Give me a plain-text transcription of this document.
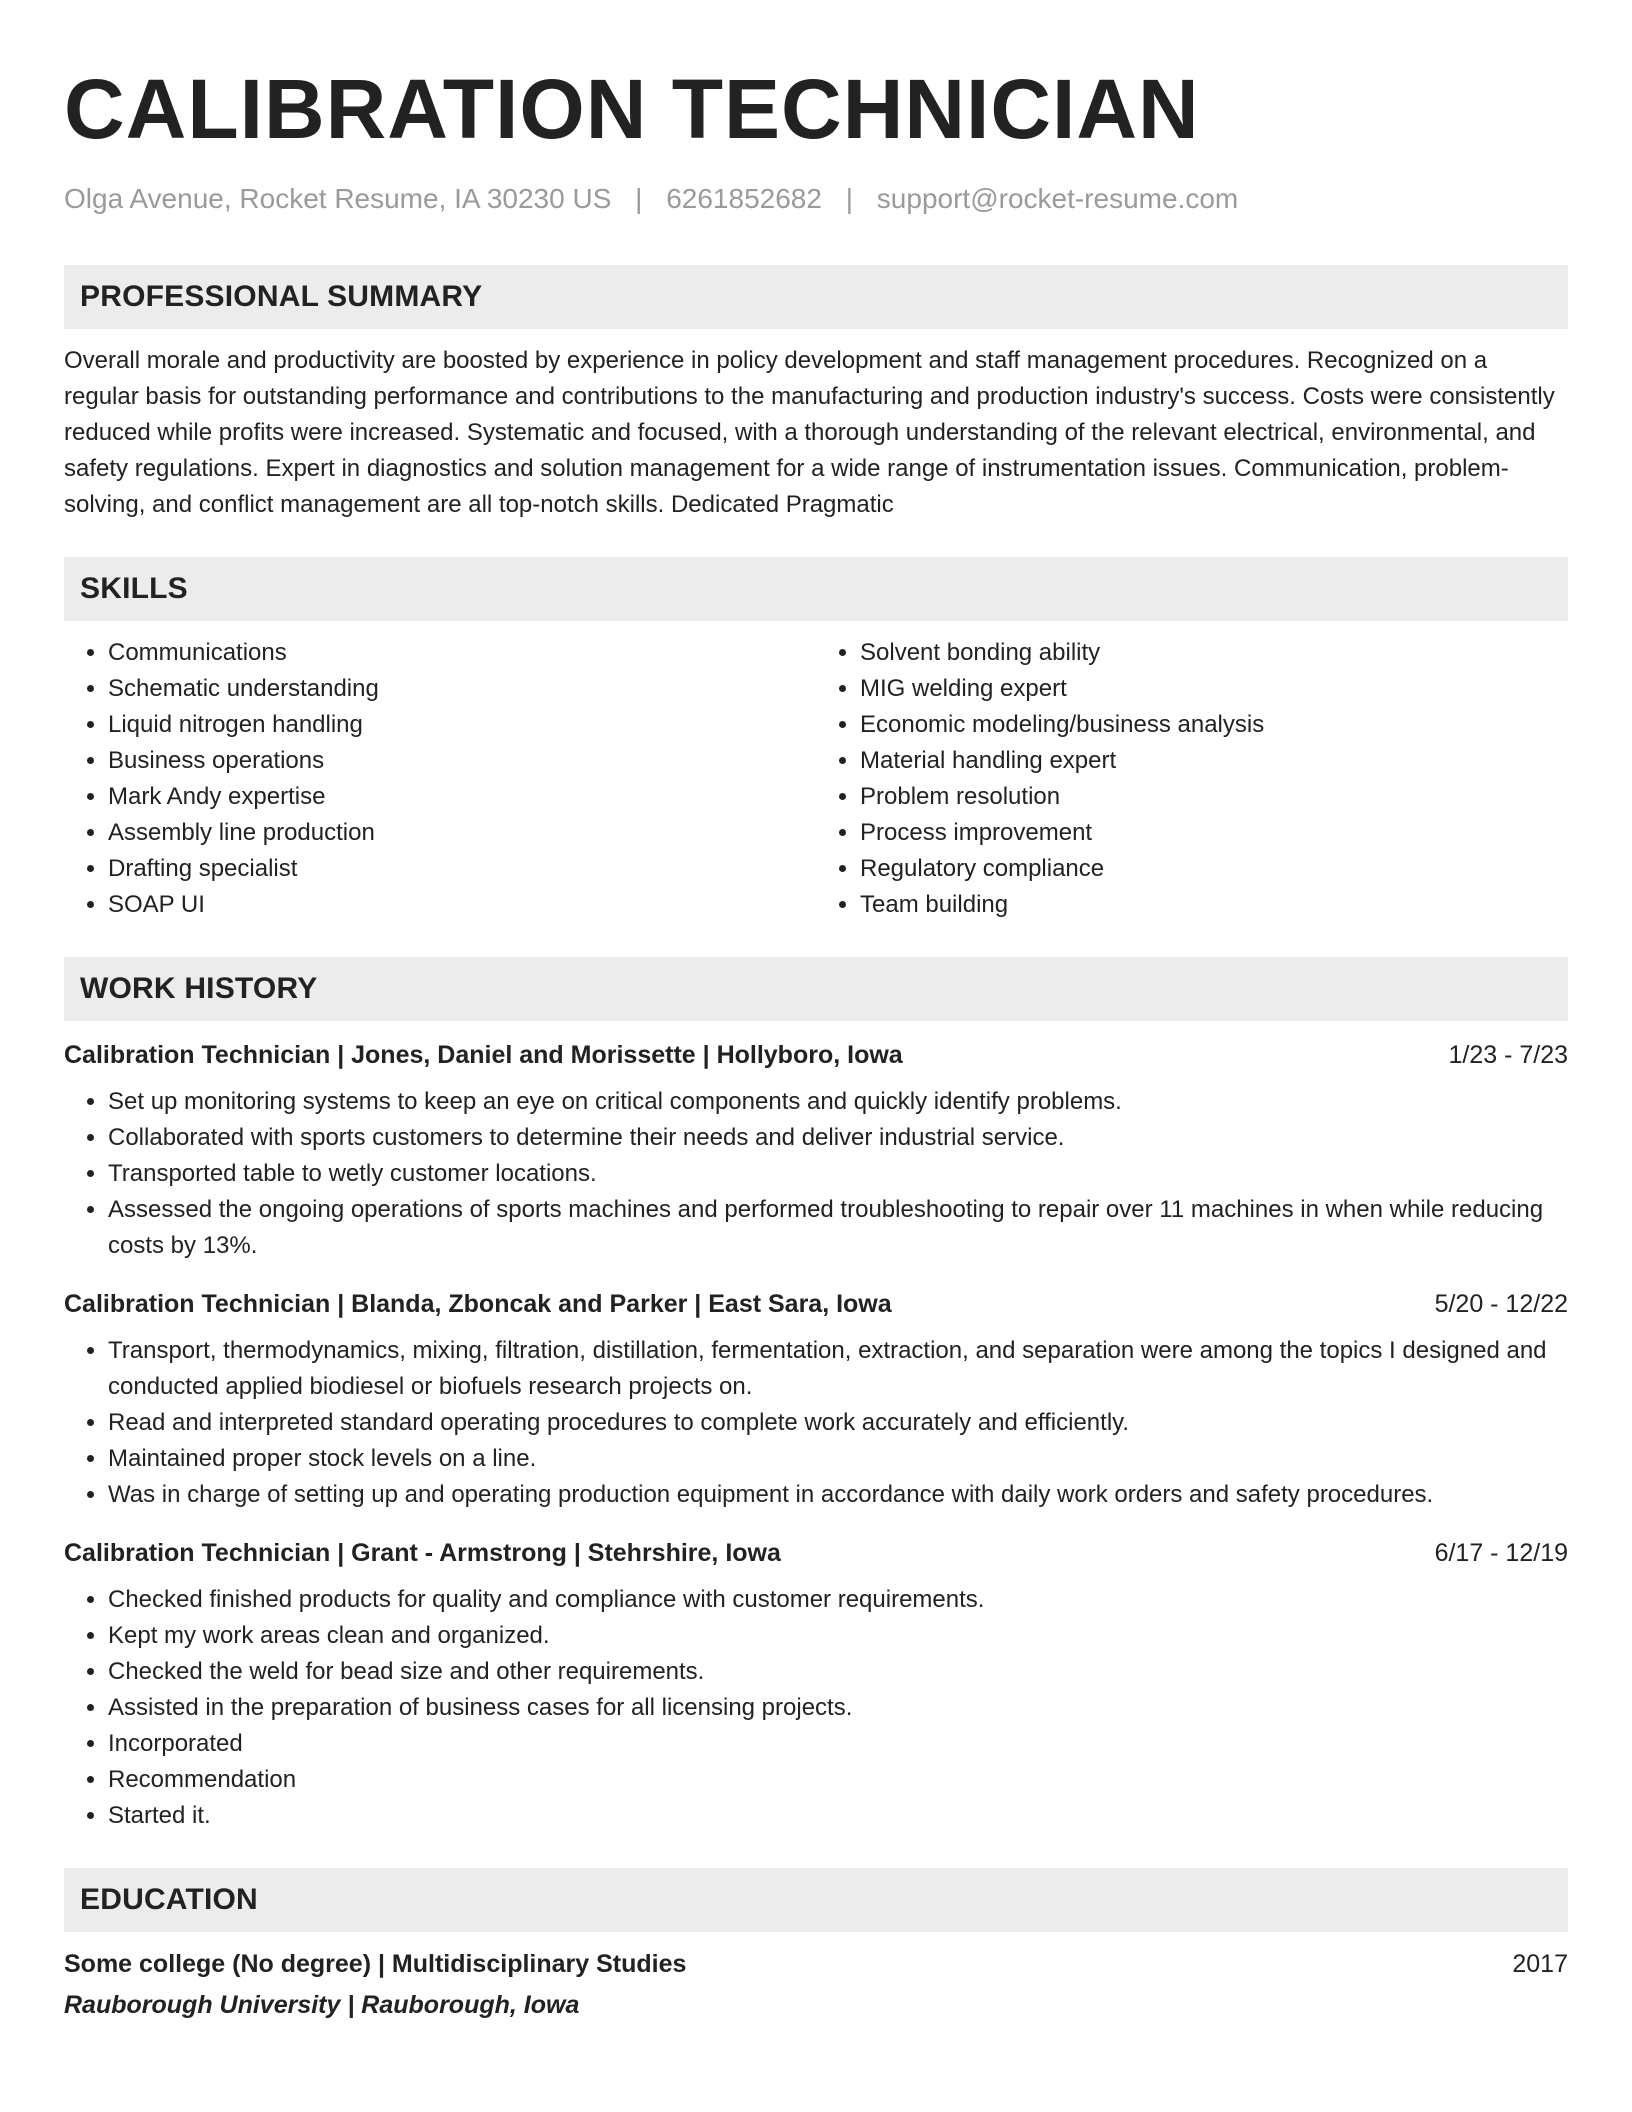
CALIBRATION TECHNICIAN
Olga Avenue, Rocket Resume, IA 30230 US | 6261852682 | support@rocket-resume.com
PROFESSIONAL SUMMARY
Overall morale and productivity are boosted by experience in policy development and staff management procedures. Recognized on a regular basis for outstanding performance and contributions to the manufacturing and production industry's success. Costs were consistently reduced while profits were increased. Systematic and focused, with a thorough understanding of the relevant electrical, environmental, and safety regulations. Expert in diagnostics and solution management for a wide range of instrumentation issues. Communication, problem-solving, and conflict management are all top-notch skills. Dedicated Pragmatic
SKILLS
• Communications
• Schematic understanding
• Liquid nitrogen handling
• Business operations
• Mark Andy expertise
• Assembly line production
• Drafting specialist
• SOAP UI
• Solvent bonding ability
• MIG welding expert
• Economic modeling/business analysis
• Material handling expert
• Problem resolution
• Process improvement
• Regulatory compliance
• Team building
WORK HISTORY
Calibration Technician | Jones, Daniel and Morissette | Hollyboro, Iowa	1/23 - 7/23
• Set up monitoring systems to keep an eye on critical components and quickly identify problems.
• Collaborated with sports customers to determine their needs and deliver industrial service.
• Transported table to wetly customer locations.
• Assessed the ongoing operations of sports machines and performed troubleshooting to repair over 11 machines in when while reducing costs by 13%.
Calibration Technician | Blanda, Zboncak and Parker | East Sara, Iowa	5/20 - 12/22
• Transport, thermodynamics, mixing, filtration, distillation, fermentation, extraction, and separation were among the topics I designed and conducted applied biodiesel or biofuels research projects on.
• Read and interpreted standard operating procedures to complete work accurately and efficiently.
• Maintained proper stock levels on a line.
• Was in charge of setting up and operating production equipment in accordance with daily work orders and safety procedures.
Calibration Technician | Grant - Armstrong | Stehrshire, Iowa	6/17 - 12/19
• Checked finished products for quality and compliance with customer requirements.
• Kept my work areas clean and organized.
• Checked the weld for bead size and other requirements.
• Assisted in the preparation of business cases for all licensing projects.
• Incorporated
• Recommendation
• Started it.
EDUCATION
Some college (No degree) | Multidisciplinary Studies	2017
Rauborough University | Rauborough, Iowa
